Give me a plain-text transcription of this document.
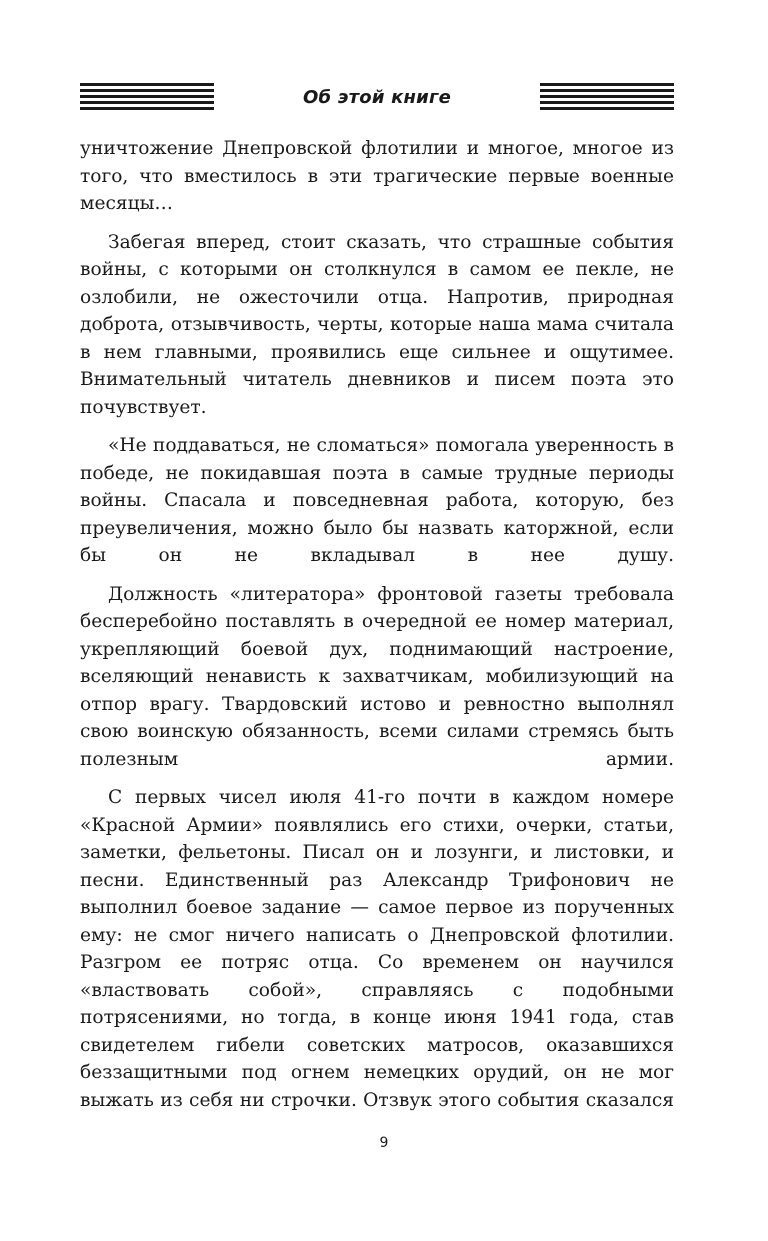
Об этой книге

уничтожение Днепровской флотилии и многое, многое из того, что вместилось в эти трагические первые военные месяцы…

Забегая вперед, стоит сказать, что страшные события войны, с которыми он столкнулся в самом ее пекле, не озлобили, не ожесточили отца. Напротив, природная доброта, отзывчивость, черты, которые наша мама считала в нем главными, проявились еще сильнее и ощутимее. Внимательный читатель дневников и писем поэта это почувствует.

«Не поддаваться, не сломаться» помогала уверенность в победе, не покидавшая поэта в самые трудные периоды войны. Спасала и повседневная работа, которую, без преувеличения, можно было бы назвать каторжной, если бы он не вкладывал в нее душу.

Должность «литератора» фронтовой газеты требовала бесперебойно поставлять в очередной ее номер материал, укрепляющий боевой дух, поднимающий настроение, вселяющий ненависть к захватчикам, мобилизующий на отпор врагу. Твардовский истово и ревностно выполнял свою воинскую обязанность, всеми силами стремясь быть полезным армии.

С первых чисел июля 41-го почти в каждом номере «Красной Армии» появлялись его стихи, очерки, статьи, заметки, фельетоны. Писал он и лозунги, и листовки, и песни. Единственный раз Александр Трифонович не выполнил боевое задание — самое первое из порученных ему: не смог ничего написать о Днепровской флотилии. Разгром ее потряс отца. Со временем он научился «властвовать собой», справляясь с подобными потрясениями, но тогда, в конце июня 1941 года, став свидетелем гибели советских матросов, оказавшихся беззащитными под огнем немецких орудий, он не мог выжать из себя ни строчки. Отзвук этого события сказался

9
